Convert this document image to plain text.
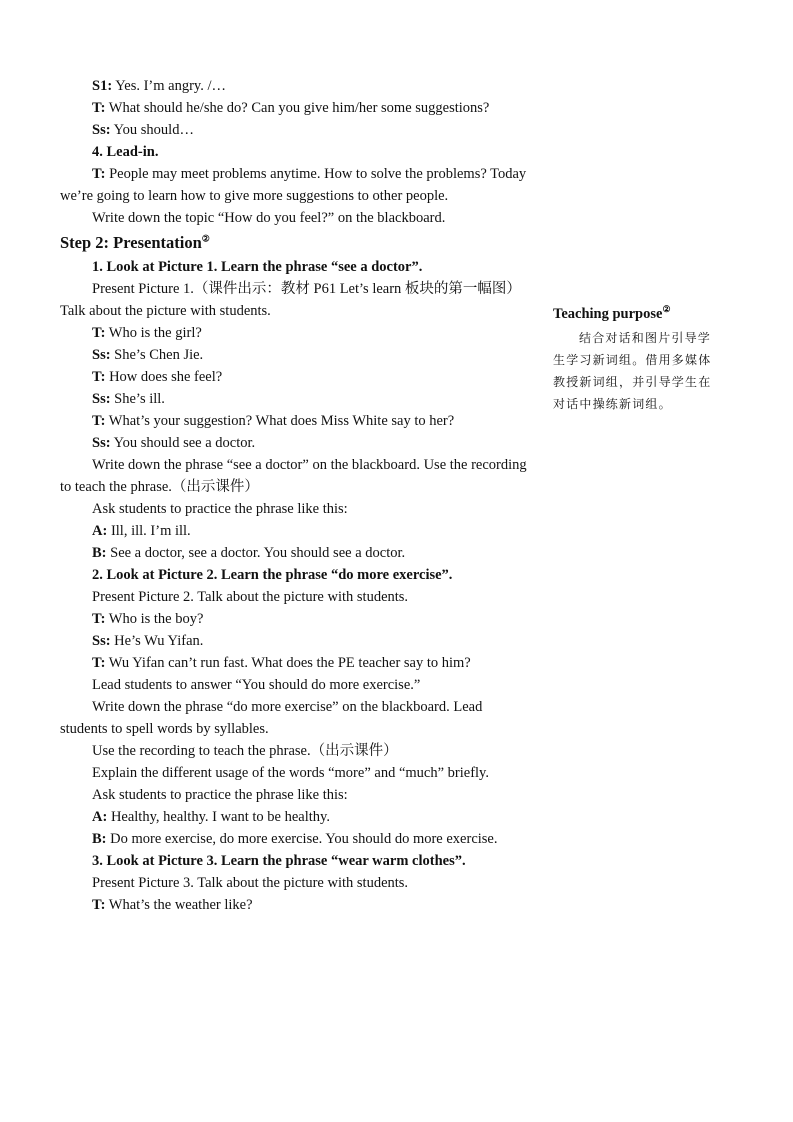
S1: Yes. I’m angry. /…
T: What should he/she do? Can you give him/her some suggestions?
Ss: You should…
4. Lead-in.
T: People may meet problems anytime. How to solve the problems? Today we’re going to learn how to give more suggestions to other people.
Write down the topic “How do you feel?” on the blackboard.
Step 2: Presentation②
1. Look at Picture 1. Learn the phrase “see a doctor”.
Present Picture 1.（课件出示：教材 P61 Let’s learn 板块的第一幅图）Talk about the picture with students.
T: Who is the girl?
Ss: She’s Chen Jie.
T: How does she feel?
Ss: She’s ill.
T: What’s your suggestion? What does Miss White say to her?
Ss: You should see a doctor.
Write down the phrase “see a doctor” on the blackboard. Use the recording to teach the phrase.（出示课件）
Ask students to practice the phrase like this:
A: Ill, ill. I’m ill.
B: See a doctor, see a doctor. You should see a doctor.
2. Look at Picture 2. Learn the phrase “do more exercise”.
Present Picture 2. Talk about the picture with students.
T: Who is the boy?
Ss: He’s Wu Yifan.
T: Wu Yifan can’t run fast. What does the PE teacher say to him?
Lead students to answer “You should do more exercise.”
Write down the phrase “do more exercise” on the blackboard. Lead students to spell words by syllables.
Use the recording to teach the phrase.（出示课件）
Explain the different usage of the words “more” and “much” briefly.
Ask students to practice the phrase like this:
A: Healthy, healthy. I want to be healthy.
B: Do more exercise, do more exercise. You should do more exercise.
3. Look at Picture 3. Learn the phrase “wear warm clothes”.
Present Picture 3. Talk about the picture with students.
T: What’s the weather like?
Teaching purpose②
结合对话和图片引导学生学习新词组。借用多媒体教授新词组，并引导学生在对话中操练新词组。
